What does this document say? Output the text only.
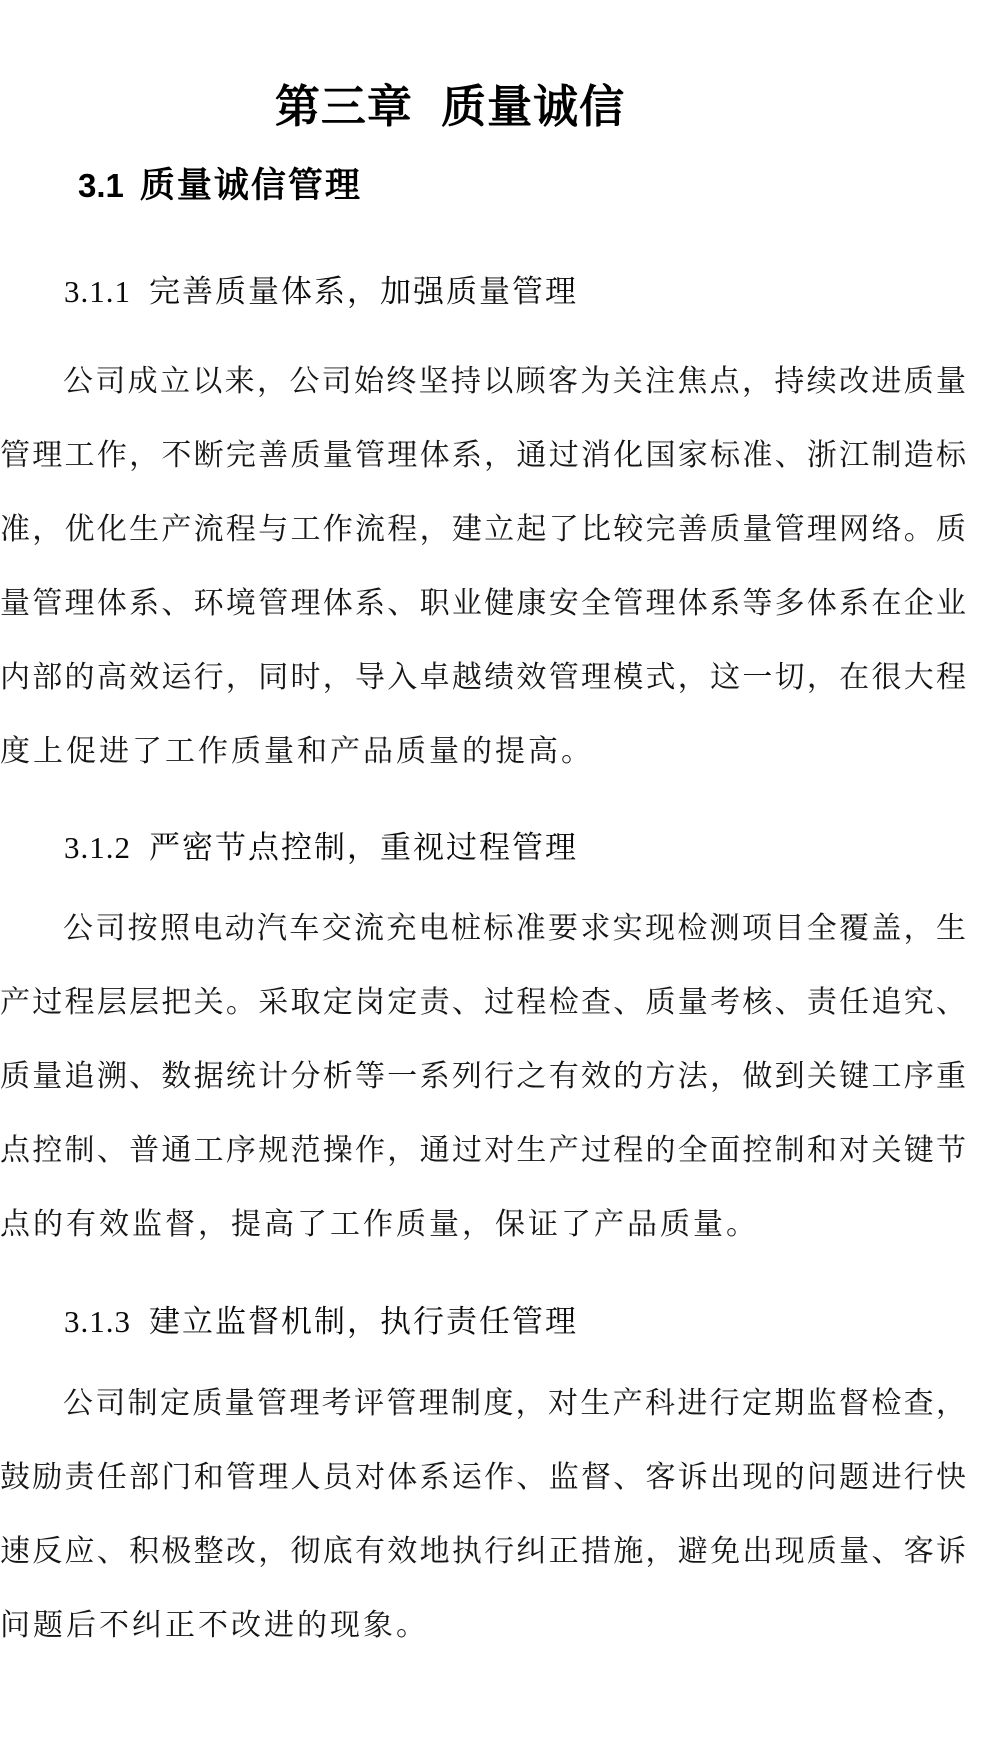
第三章 质量诚信
3.1 质量诚信管理
3.1.1 完善质量体系，加强质量管理
公司成立以来，公司始终坚持以顾客为关注焦点，持续改进质量
管理工作，不断完善质量管理体系，通过消化国家标准、浙江制造标
准，优化生产流程与工作流程，建立起了比较完善质量管理网络。质
量管理体系、环境管理体系、职业健康安全管理体系等多体系在企业
内部的高效运行，同时，导入卓越绩效管理模式，这一切，在很大程
度上促进了工作质量和产品质量的提高。
3.1.2 严密节点控制，重视过程管理
公司按照电动汽车交流充电桩标准要求实现检测项目全覆盖，生
产过程层层把关。采取定岗定责、过程检查、质量考核、责任追究、
质量追溯、数据统计分析等一系列行之有效的方法，做到关键工序重
点控制、普通工序规范操作，通过对生产过程的全面控制和对关键节
点的有效监督，提高了工作质量，保证了产品质量。
3.1.3 建立监督机制，执行责任管理
公司制定质量管理考评管理制度，对生产科进行定期监督检查，
鼓励责任部门和管理人员对体系运作、监督、客诉出现的问题进行快
速反应、积极整改，彻底有效地执行纠正措施，避免出现质量、客诉
问题后不纠正不改进的现象。
